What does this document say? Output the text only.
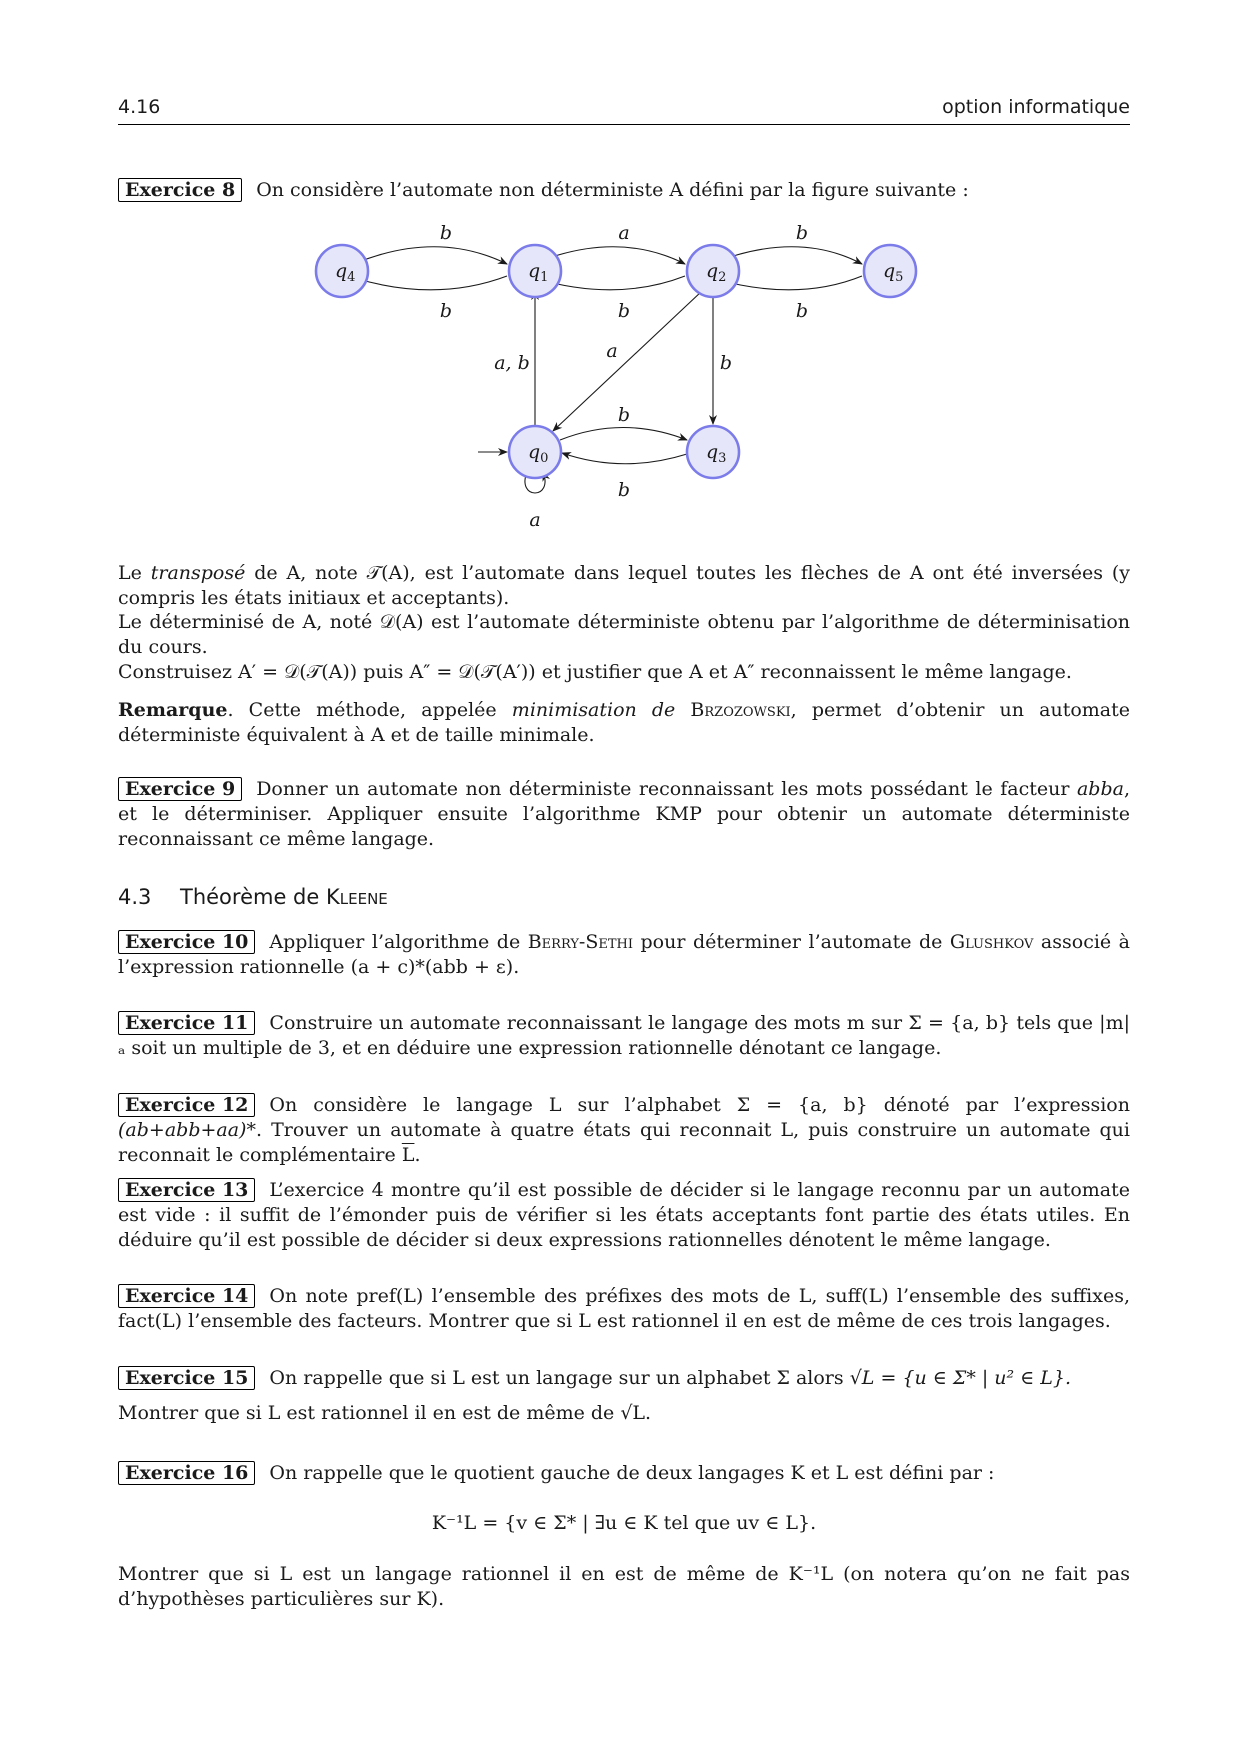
4.16	option informatique
Exercice 8 On considère l’automate non déterministe A défini par la figure suivante :
$q_4$	$q_1$	$q_2$	$q_5$
$q_0$	$q_3$
b
b
a
b
b
b
a, b
a
b
b
b
a
Le transposé de A, note 𝒯(A), est l’automate dans lequel toutes les flèches de A ont été inversées (y compris les états initiaux et acceptants).
Le déterminisé de A, noté 𝒟(A) est l’automate déterministe obtenu par l’algorithme de déterminisation du cours.
Construisez A′ = 𝒟(𝒯(A)) puis A″ = 𝒟(𝒯(A′)) et justifier que A et A″ reconnaissent le même langage.
Remarque. Cette méthode, appelée minimisation de Brzozowski, permet d’obtenir un automate déterministe équivalent à A et de taille minimale.
Exercice 9 Donner un automate non déterministe reconnaissant les mots possédant le facteur abba, et le déterminiser. Appliquer ensuite l’algorithme KMP pour obtenir un automate déterministe reconnaissant ce même langage.
4.3 Théorème de Kleene
Exercice 10 Appliquer l’algorithme de Berry-Sethi pour déterminer l’automate de Glushkov associé à l’expression rationnelle (a + c)*(abb + ε).
Exercice 11 Construire un automate reconnaissant le langage des mots m sur Σ = {a, b} tels que |m|ₐ soit un multiple de 3, et en déduire une expression rationnelle dénotant ce langage.
Exercice 12 On considère le langage L sur l’alphabet Σ = {a, b} dénoté par l’expression (ab+abb+aa)*. Trouver un automate à quatre états qui reconnait L, puis construire un automate qui reconnait le complémentaire $\overline{L}$.
Exercice 13 L’exercice 4 montre qu’il est possible de décider si le langage reconnu par un automate est vide : il suffit de l’émonder puis de vérifier si les états acceptants font partie des états utiles. En déduire qu’il est possible de décider si deux expressions rationnelles dénotent le même langage.
Exercice 14 On note pref(L) l’ensemble des préfixes des mots de L, suff(L) l’ensemble des suffixes, fact(L) l’ensemble des facteurs. Montrer que si L est rationnel il en est de même de ces trois langages.
Exercice 15 On rappelle que si L est un langage sur un alphabet Σ alors √L = {u ∈ Σ* | u² ∈ L}.
Montrer que si L est rationnel il en est de même de √L.
Exercice 16 On rappelle que le quotient gauche de deux langages K et L est défini par :
K⁻¹L = {v ∈ Σ* | ∃u ∈ K tel que uv ∈ L}.
Montrer que si L est un langage rationnel il en est de même de K⁻¹L (on notera qu’on ne fait pas d’hypothèses particulières sur K).
